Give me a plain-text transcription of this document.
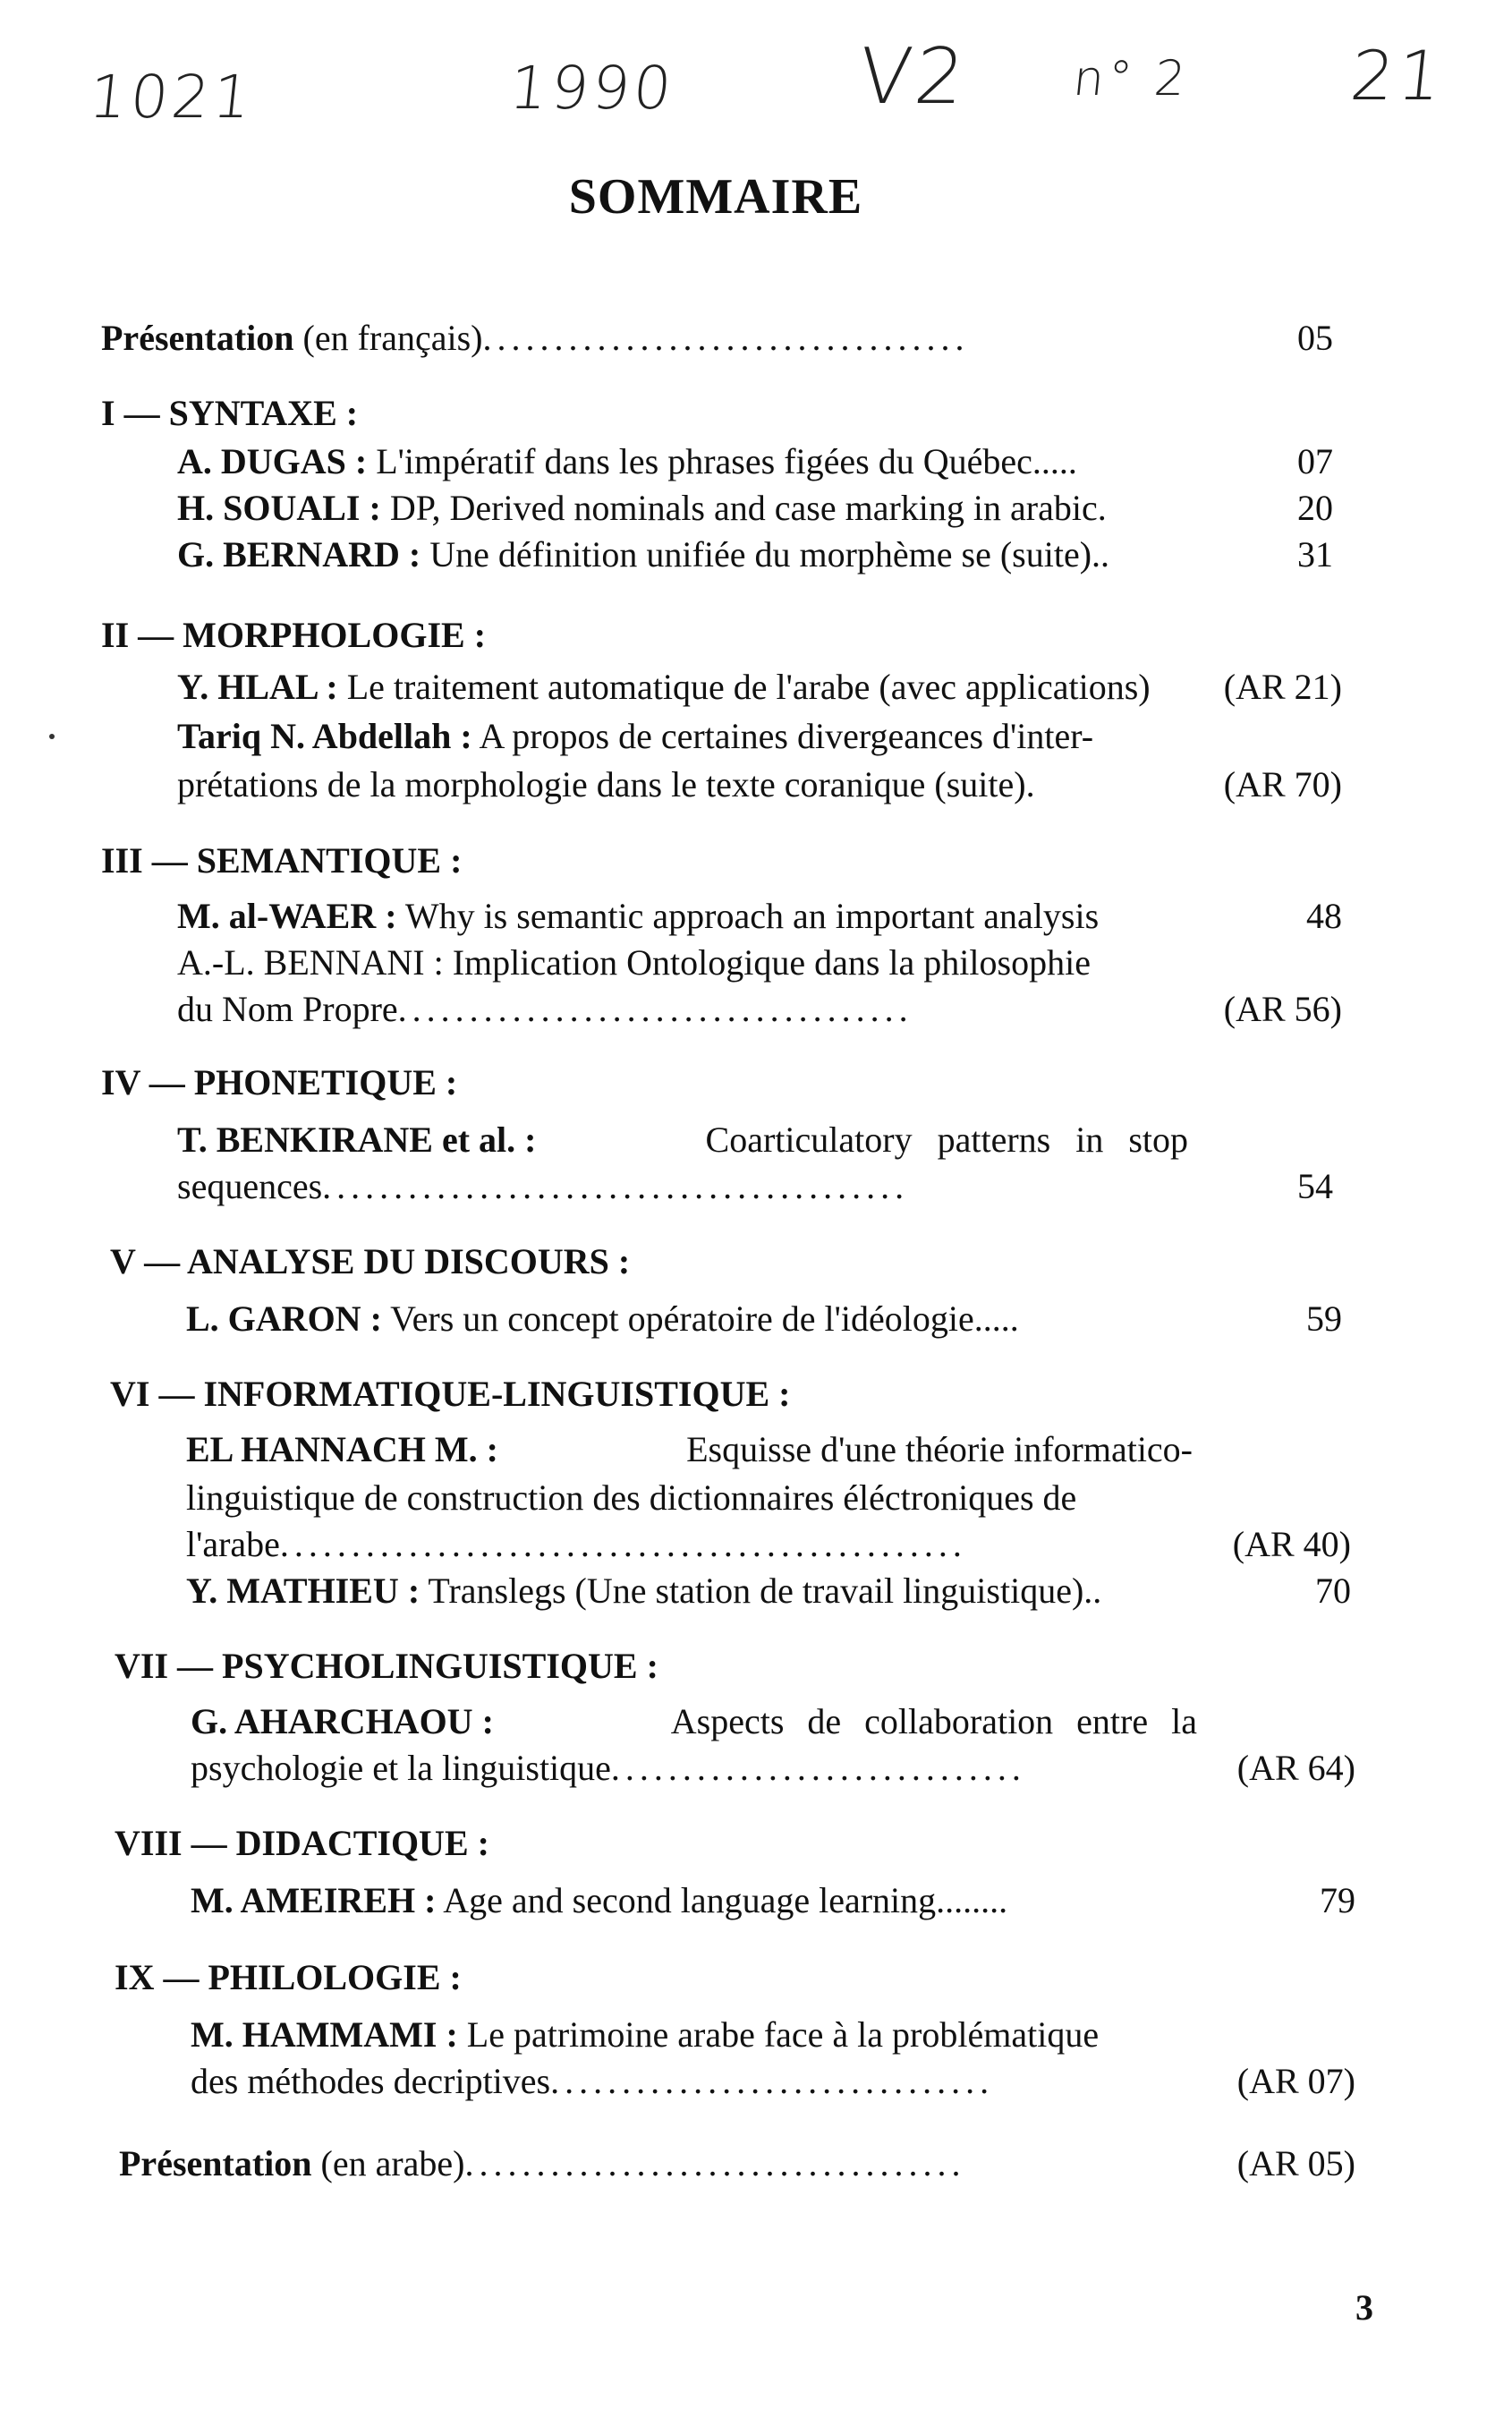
1021	1990 V2 n° 2 21
SOMMAIRE
Présentation (en français)..................................	05
I — SYNTAXE :
A. DUGAS : L'impératif dans les phrases figées du Québec.....	07
H. SOUALI : DP, Derived nominals and case marking in arabic.	20
G. BERNARD : Une définition unifiée du morphème se (suite)..	31
II — MORPHOLOGIE :
Y. HLAL : Le traitement automatique de l'arabe (avec applications)	(AR 21)
Tariq N. Abdellah : A propos de certaines divergeances d'inter-
prétations de la morphologie dans le texte coranique (suite).	(AR 70)
III — SEMANTIQUE :
M. al-WAER : Why is semantic approach an important analysis	48
A.-L. BENNANI : Implication Ontologique dans la philosophie
du Nom Propre....................................	(AR 56)
IV — PHONETIQUE :
T. BENKIRANE et al. :	Coarticulatory patterns in stop
sequences.........................................	54
V — ANALYSE DU DISCOURS :
L. GARON : Vers un concept opératoire de l'idéologie.....	59
VI — INFORMATIQUE-LINGUISTIQUE :
EL HANNACH M. :	Esquisse d'une théorie informatico-
linguistique de construction des dictionnaires éléctroniques de
l'arabe................................................	(AR 40)
Y. MATHIEU : Translegs (Une station de travail linguistique)..	70
VII — PSYCHOLINGUISTIQUE :
G. AHARCHAOU :	Aspects de collaboration entre la
psychologie et la linguistique.............................	(AR 64)
VIII — DIDACTIQUE :
M. AMEIREH : Age and second language learning........	79
IX — PHILOLOGIE :
M. HAMMAMI : Le patrimoine arabe face à la problématique
des méthodes decriptives...............................	(AR 07)
Présentation (en arabe)...................................	(AR 05)
3
